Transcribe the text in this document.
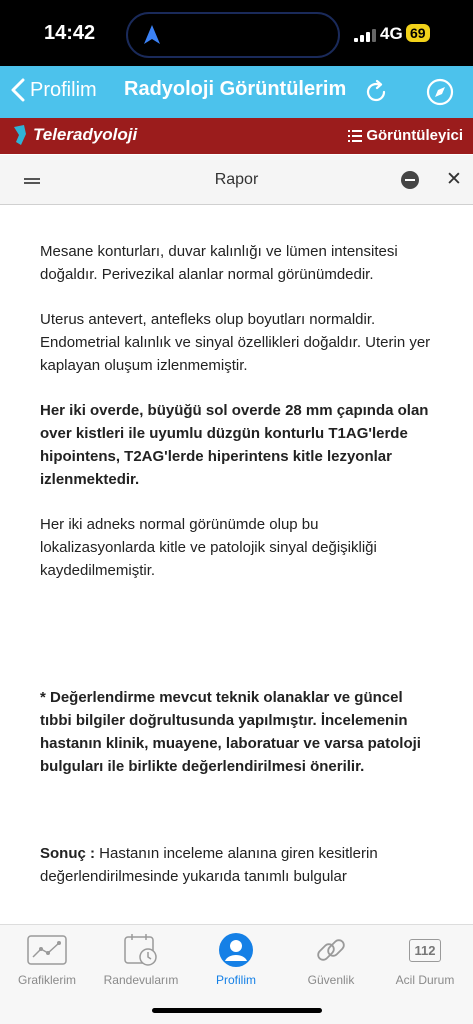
14:42	4G 69
Profilim Radyoloji Görüntülerim
Teleradyoloji	Görüntüleyici
Rapor	✕

Mesane konturları, duvar kalınlığı ve lümen intensitesi doğaldır. Perivezikal alanlar normal görünümdedir.

Uterus antevert, antefleks olup boyutları normaldir. Endometrial kalınlık ve sinyal özellikleri doğaldır. Uterin yer kaplayan oluşum izlenmemiştir.

Her iki overde, büyüğü sol overde 28 mm çapında olan over kistleri ile uyumlu düzgün konturlu T1AG'lerde hipointens, T2AG'lerde hiperintens kitle lezyonlar izlenmektedir.

Her iki adneks normal görünümde olup bu lokalizasyonlarda kitle ve patolojik sinyal değişikliği kaydedilmemiştir.

* Değerlendirme mevcut teknik olanaklar ve güncel tıbbi bilgiler doğrultusunda yapılmıştır. İncelemenin hastanın klinik, muayene, laboratuar ve varsa patoloji bulguları ile birlikte değerlendirilmesi önerilir.

Sonuç : Hastanın inceleme alanına giren kesitlerin değerlendirilmesinde yukarıda tanımlı bulgular

Grafiklerim	Randevularım	Profilim	Güvenlik
112
Acil Durum
